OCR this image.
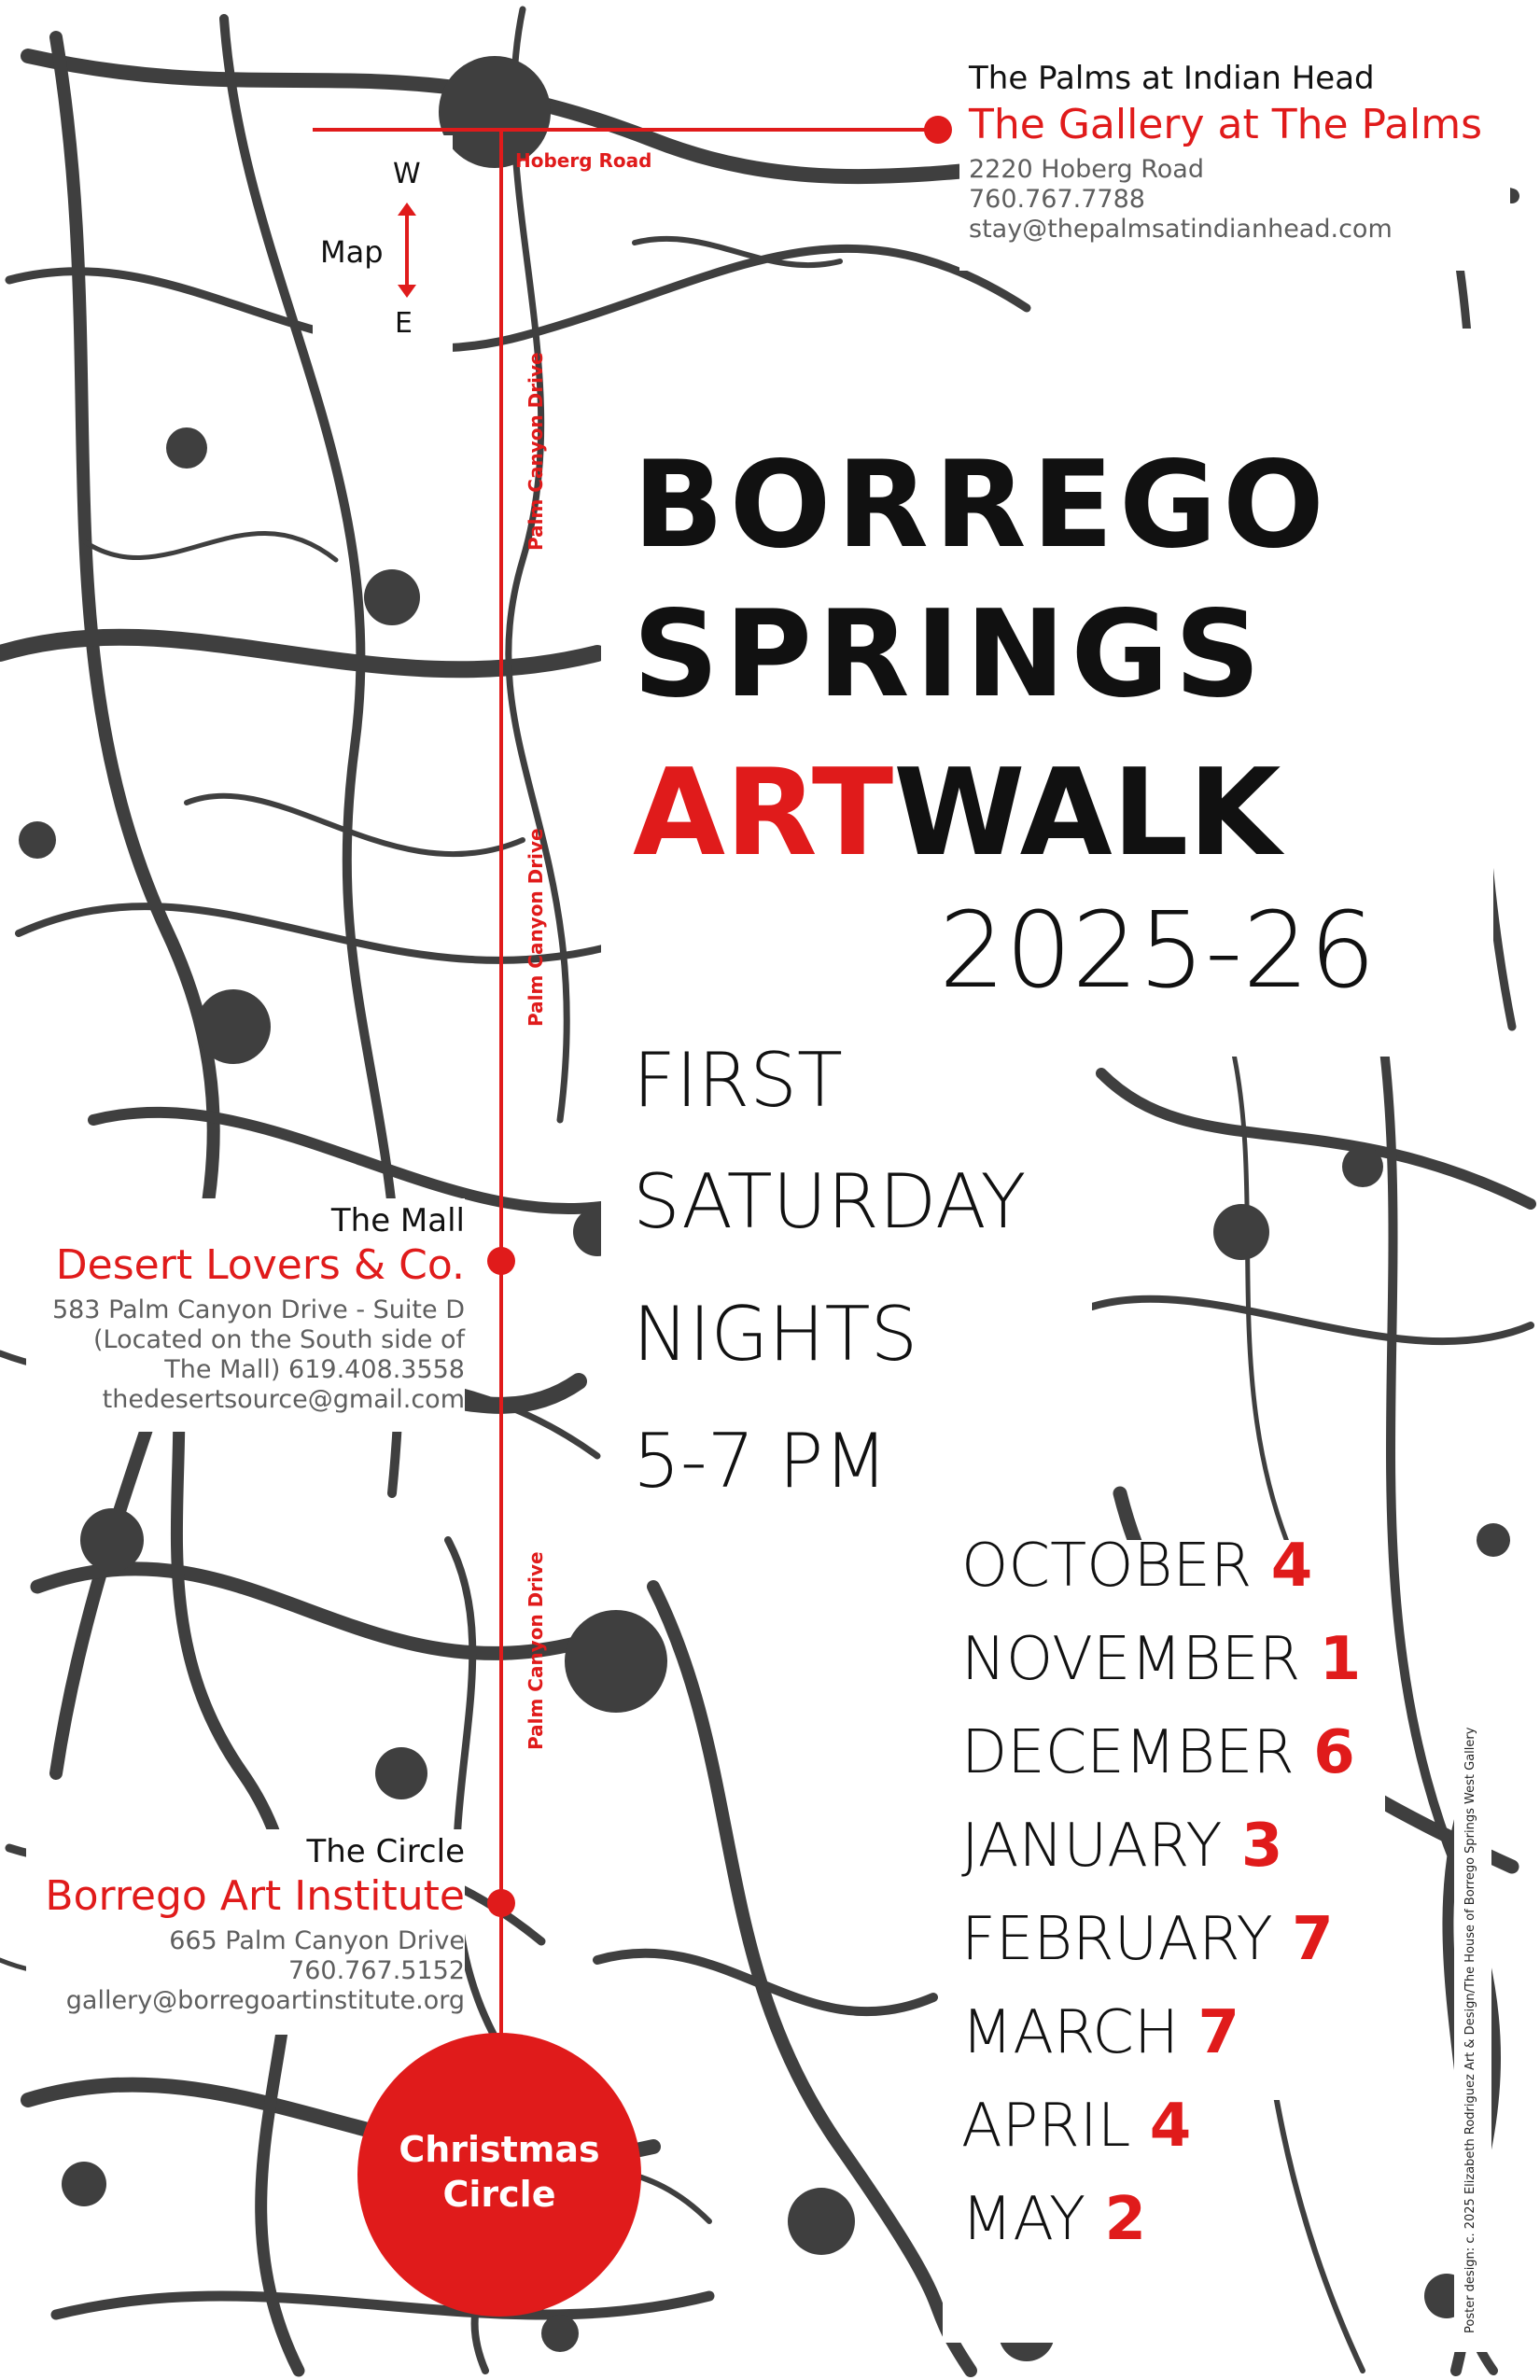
Hoberg Road
Palm Canyon Drive
Palm Canyon Drive
Palm Canyon Drive
W
Map
E
The Palms at Indian Head
The Gallery at The Palms
2220 Hoberg Road
760.767.7788
stay@thepalmsatindianhead.com
BORREGO
SPRINGS
ARTWALK
2025-26
FIRST
SATURDAY
NIGHTS
5-7 PM
OCTOBER 4
NOVEMBER 1
DECEMBER 6
JANUARY 3
FEBRUARY 7
MARCH 7
APRIL 4
MAY 2
The Mall
Desert Lovers & Co.
583 Palm Canyon Drive - Suite D
(Located on the South side of
The Mall) 619.408.3558
thedesertsource@gmail.com
The Circle
Borrego Art Institute
665 Palm Canyon Drive
760.767.5152
gallery@borregoartinstitute.org
Christmas
Circle	Poster design: c. 2025 Elizabeth Rodriguez Art & Design/The House of Borrego Springs West Gallery
